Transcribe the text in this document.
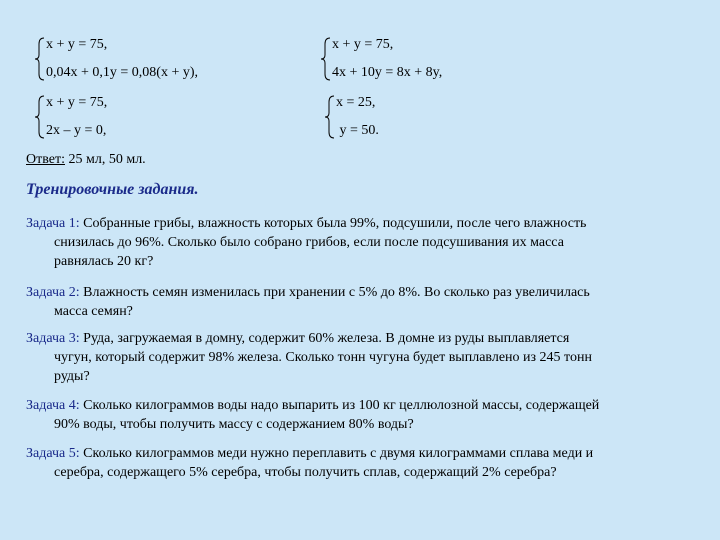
x + y = 75,
0,04x + 0,1y = 0,08(x + y),
x + y = 75,
4x + 10y = 8x + 8y,
x + y = 75,
2x – y = 0,
x = 25,
y = 50.
Ответ: 25 мл, 50 мл.
Тренировочные задания.
Задача 1: Собранные грибы, влажность которых была 99%, подсушили, после чего влажность
снизилась до 96%. Сколько было собрано грибов, если после подсушивания их масса
равнялась 20 кг?
Задача 2: Влажность семян изменилась при хранении с 5% до 8%. Во сколько раз увеличилась
масса семян?
Задача 3: Руда, загружаемая в домну, содержит 60% железа. В домне из руды выплавляется
чугун, который содержит 98% железа. Сколько тонн чугуна будет выплавлено из 245 тонн
руды?
Задача 4: Сколько килограммов воды надо выпарить из 100 кг целлюлозной массы, содержащей
90% воды, чтобы получить массу с содержанием 80% воды?
Задача 5: Сколько килограммов меди нужно переплавить с двумя килограммами сплава меди и
серебра, содержащего 5% серебра, чтобы получить сплав, содержащий 2% серебра?
